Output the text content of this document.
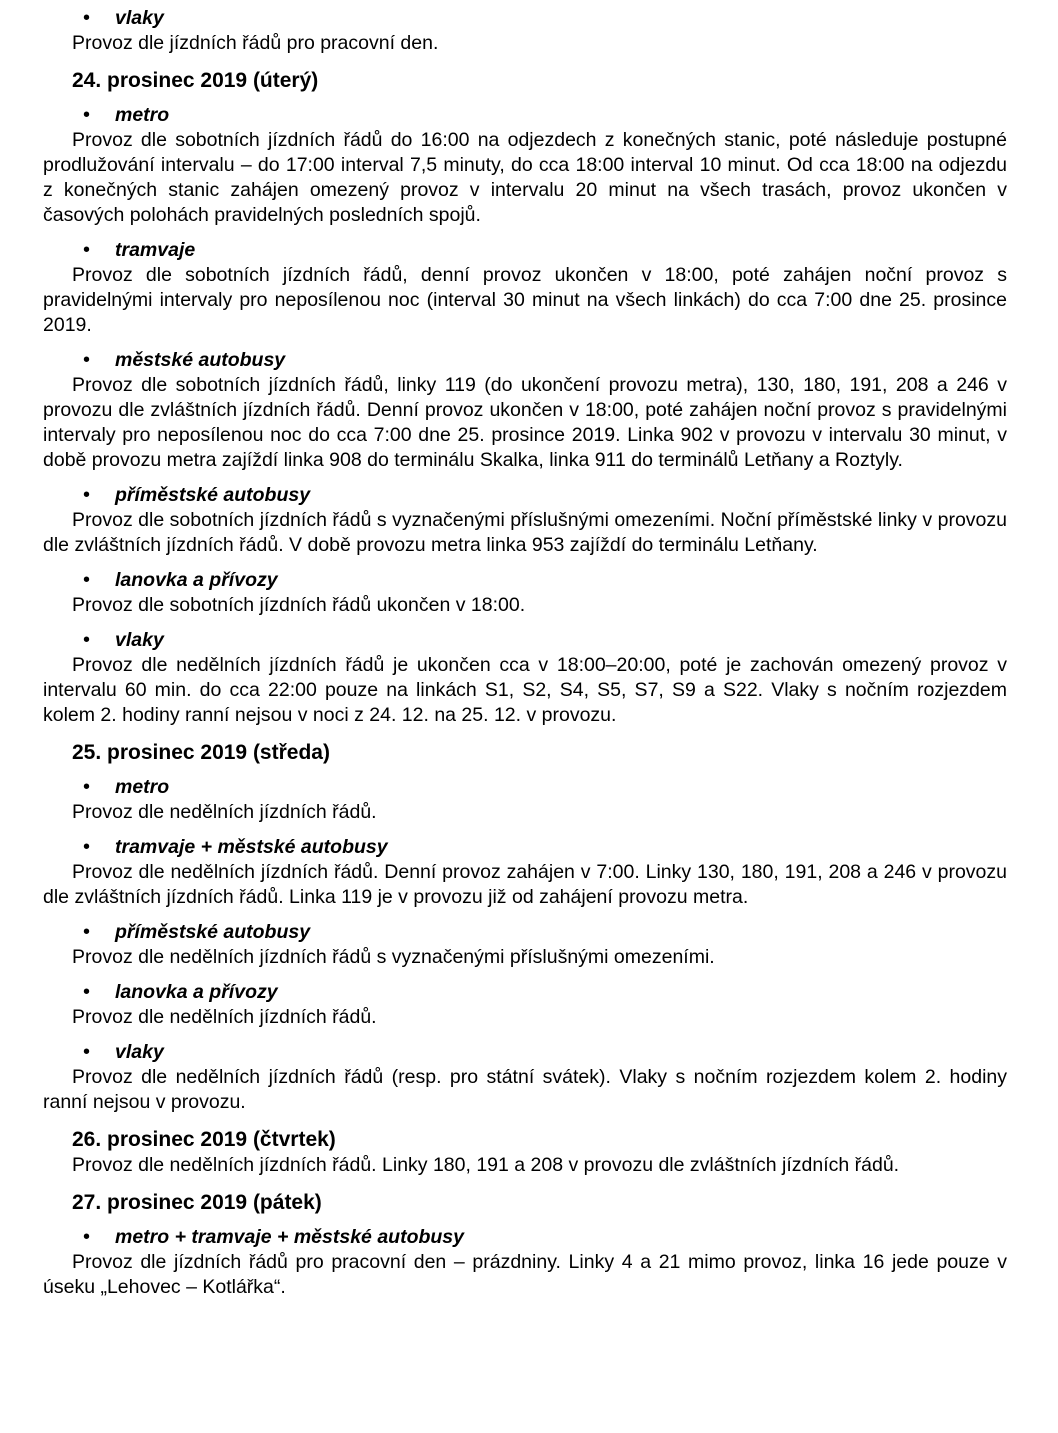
• vlaky
Provoz dle jízdních řádů pro pracovní den.
24. prosinec 2019 (úterý)
• metro
Provoz dle sobotních jízdních řádů do 16:00 na odjezdech z konečných stanic, poté následuje postupné prodlužování intervalu – do 17:00 interval 7,5 minuty, do cca 18:00 interval 10 minut. Od cca 18:00 na odjezdu z konečných stanic zahájen omezený provoz v intervalu 20 minut na všech trasách, provoz ukončen v časových polohách pravidelných posledních spojů.
• tramvaje
Provoz dle sobotních jízdních řádů, denní provoz ukončen v 18:00, poté zahájen noční provoz s pravidelnými intervaly pro neposílenou noc (interval 30 minut na všech linkách) do cca 7:00 dne 25. prosince 2019.
• městské autobusy
Provoz dle sobotních jízdních řádů, linky 119 (do ukončení provozu metra), 130, 180, 191, 208 a 246 v provozu dle zvláštních jízdních řádů. Denní provoz ukončen v 18:00, poté zahájen noční provoz s pravidelnými intervaly pro neposílenou noc do cca 7:00 dne 25. prosince 2019. Linka 902 v provozu v intervalu 30 minut, v době provozu metra zajíždí linka 908 do terminálu Skalka, linka 911 do terminálů Letňany a Roztyly.
• příměstské autobusy
Provoz dle sobotních jízdních řádů s vyznačenými příslušnými omezeními. Noční příměstské linky v provozu dle zvláštních jízdních řádů. V době provozu metra linka 953 zajíždí do terminálu Letňany.
• lanovka a přívozy
Provoz dle sobotních jízdních řádů ukončen v 18:00.
• vlaky
Provoz dle nedělních jízdních řádů je ukončen cca v 18:00–20:00, poté je zachován omezený provoz v intervalu 60 min. do cca 22:00 pouze na linkách S1, S2, S4, S5, S7, S9 a S22. Vlaky s nočním rozjezdem kolem 2. hodiny ranní nejsou v noci z 24. 12. na 25. 12. v provozu.
25. prosinec 2019 (středa)
• metro
Provoz dle nedělních jízdních řádů.
• tramvaje + městské autobusy
Provoz dle nedělních jízdních řádů. Denní provoz zahájen v 7:00. Linky 130, 180, 191, 208 a 246 v provozu dle zvláštních jízdních řádů. Linka 119 je v provozu již od zahájení provozu metra.
• příměstské autobusy
Provoz dle nedělních jízdních řádů s vyznačenými příslušnými omezeními.
• lanovka a přívozy
Provoz dle nedělních jízdních řádů.
• vlaky
Provoz dle nedělních jízdních řádů (resp. pro státní svátek). Vlaky s nočním rozjezdem kolem 2. hodiny ranní nejsou v provozu.
26. prosinec 2019 (čtvrtek)
Provoz dle nedělních jízdních řádů. Linky 180, 191 a 208 v provozu dle zvláštních jízdních řádů.
27. prosinec 2019 (pátek)
• metro + tramvaje + městské autobusy
Provoz dle jízdních řádů pro pracovní den – prázdniny. Linky 4 a 21 mimo provoz, linka 16 jede pouze v úseku „Lehovec – Kotlářka“.
